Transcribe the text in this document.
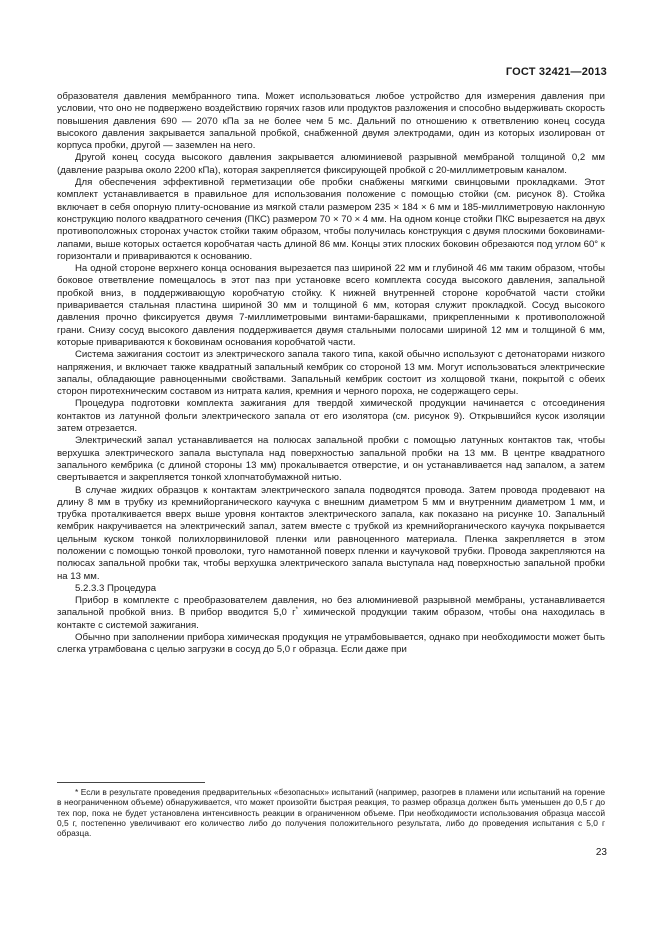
ГОСТ 32421—2013

образователя давления мембранного типа. Может использоваться любое устройство для измерения давления при условии, что оно не подвержено воздействию горячих газов или продуктов разложения и способно выдерживать скорость повышения давления 690 — 2070 кПа за не более чем 5 мс. Дальний по отношению к ответвлению конец сосуда высокого давления закрывается запальной пробкой, снабженной двумя электродами, один из которых изолирован от корпуса пробки, другой — заземлен на него.

Другой конец сосуда высокого давления закрывается алюминиевой разрывной мембраной толщиной 0,2 мм (давление разрыва около 2200 кПа), которая закрепляется фиксирующей пробкой с 20-миллиметровым каналом.

Для обеспечения эффективной герметизации обе пробки снабжены мягкими свинцовыми прокладками. Этот комплект устанавливается в правильное для использования положение с помощью стойки (см. рисунок 8). Стойка включает в себя опорную плиту-основание из мягкой стали размером 235 × 184 × 6 мм и 185-миллиметровую наклонную конструкцию полого квадратного сечения (ПКС) размером 70 × 70 × 4 мм. На одном конце стойки ПКС вырезается на двух противоположных сторонах участок стойки таким образом, чтобы получилась конструкция с двумя плоскими боковинами-лапами, выше которых остается коробчатая часть длиной 86 мм. Концы этих плоских боковин обрезаются под углом 60° к горизонтали и привариваются к основанию.

На одной стороне верхнего конца основания вырезается паз шириной 22 мм и глубиной 46 мм таким образом, чтобы боковое ответвление помещалось в этот паз при установке всего комплекта сосуда высокого давления, запальной пробкой вниз, в поддерживающую коробчатую стойку. К нижней внутренней стороне коробчатой части стойки приваривается стальная пластина шириной 30 мм и толщиной 6 мм, которая служит прокладкой. Сосуд высокого давления прочно фиксируется двумя 7-миллиметровыми винтами-барашками, прикрепленными к противоположной грани. Снизу сосуд высокого давления поддерживается двумя стальными полосами шириной 12 мм и толщиной 6 мм, которые привариваются к боковинам основания коробчатой части.

Система зажигания состоит из электрического запала такого типа, какой обычно используют с детонаторами низкого напряжения, и включает также квадратный запальный кембрик со стороной 13 мм. Могут использоваться электрические запалы, обладающие равноценными свойствами. Запальный кембрик состоит из холщовой ткани, покрытой с обеих сторон пиротехническим составом из нитрата калия, кремния и черного пороха, не содержащего серы.

Процедура подготовки комплекта зажигания для твердой химической продукции начинается с отсоединения контактов из латунной фольги электрического запала от его изолятора (см. рисунок 9). Открывшийся кусок изоляции затем отрезается.

Электрический запал устанавливается на полюсах запальной пробки с помощью латунных контактов так, чтобы верхушка электрического запала выступала над поверхностью запальной пробки на 13 мм. В центре квадратного запального кембрика (с длиной стороны 13 мм) прокалывается отверстие, и он устанавливается над запалом, а затем свертывается и закрепляется тонкой хлопчатобумажной нитью.

В случае жидких образцов к контактам электрического запала подводятся провода. Затем провода продевают на длину 8 мм в трубку из кремнийорганического каучука с внешним диаметром 5 мм и внутренним диаметром 1 мм, и трубка проталкивается вверх выше уровня контактов электрического запала, как показано на рисунке 10. Запальный кембрик накручивается на электрический запал, затем вместе с трубкой из кремнийорганического каучука покрывается цельным куском тонкой полихлорвиниловой пленки или равноценного материала. Пленка закрепляется в этом положении с помощью тонкой проволоки, туго намотанной поверх пленки и каучуковой трубки. Провода закрепляются на полюсах запальной пробки так, чтобы верхушка электрического запала выступала над поверхностью запальной пробки на 13 мм.

5.2.3.3 Процедура

Прибор в комплекте с преобразователем давления, но без алюминиевой разрывной мембраны, устанавливается запальной пробкой вниз. В прибор вводится 5,0 г* химической продукции таким образом, чтобы она находилась в контакте с системой зажигания.

Обычно при заполнении прибора химическая продукция не утрамбовывается, однако при необходимости может быть слегка утрамбована с целью загрузки в сосуд до 5,0 г образца. Если даже при

* Если в результате проведения предварительных «безопасных» испытаний (например, разогрев в пламени или испытаний на горение в неограниченном объеме) обнаруживается, что может произойти быстрая реакция, то размер образца должен быть уменьшен до 0,5 г до тех пор, пока не будет установлена интенсивность реакции в ограниченном объеме. При необходимости использования образца массой 0,5 г, постепенно увеличивают его количество либо до получения положительного результата, либо до проведения испытания с 5,0 г образца.

23
